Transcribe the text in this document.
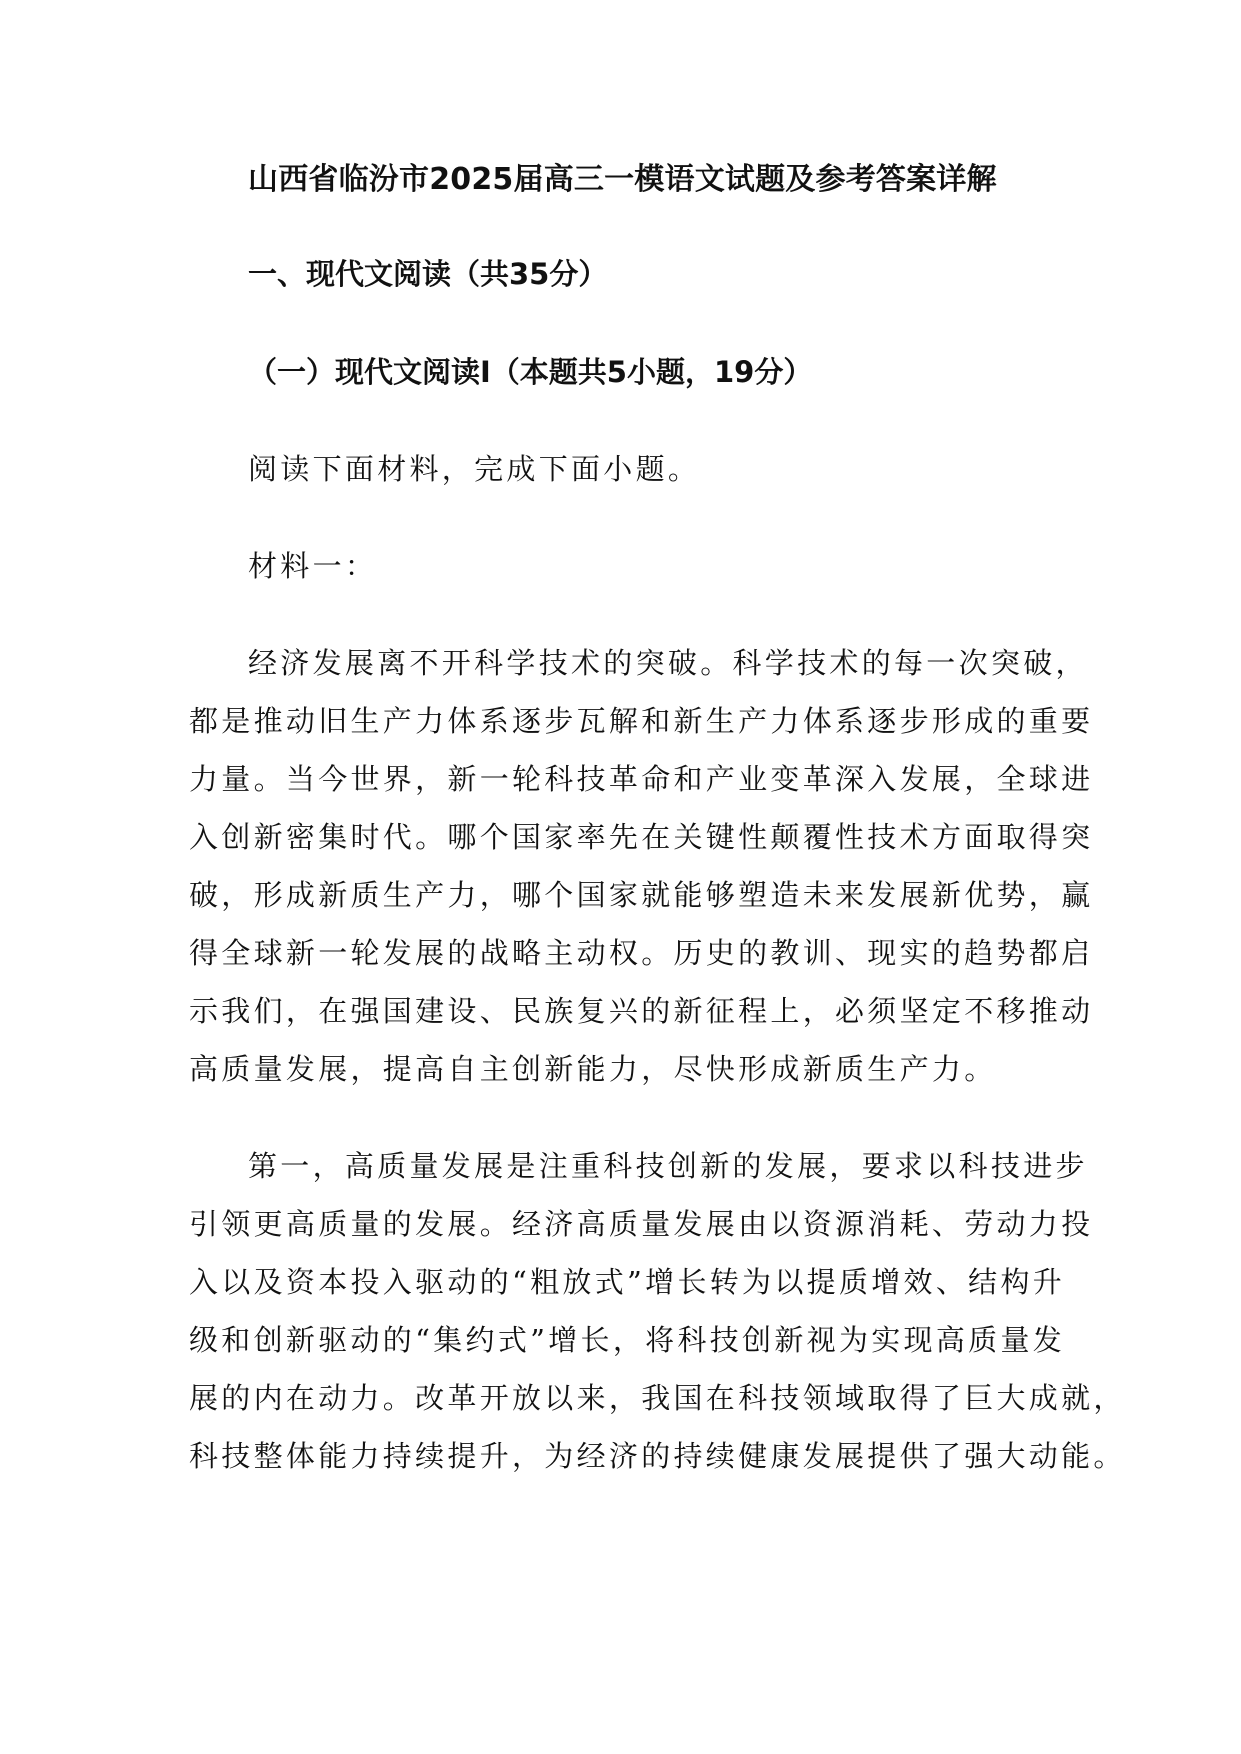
山西省临汾市2025届高三一模语文试题及参考答案详解
一、现代文阅读（共35分）
（一）现代文阅读Ⅰ（本题共5小题，19分）
阅读下面材料，完成下面小题。
材料一：
经济发展离不开科学技术的突破。科学技术的每一次突破，
都是推动旧生产力体系逐步瓦解和新生产力体系逐步形成的重要
力量。当今世界，新一轮科技革命和产业变革深入发展，全球进
入创新密集时代。哪个国家率先在关键性颠覆性技术方面取得突
破，形成新质生产力，哪个国家就能够塑造未来发展新优势，赢
得全球新一轮发展的战略主动权。历史的教训、现实的趋势都启
示我们，在强国建设、民族复兴的新征程上，必须坚定不移推动
高质量发展，提高自主创新能力，尽快形成新质生产力。
第一，高质量发展是注重科技创新的发展，要求以科技进步
引领更高质量的发展。经济高质量发展由以资源消耗、劳动力投
入以及资本投入驱动的“粗放式”增长转为以提质增效、结构升
级和创新驱动的“集约式”增长，将科技创新视为实现高质量发
展的内在动力。改革开放以来，我国在科技领域取得了巨大成就，
科技整体能力持续提升，为经济的持续健康发展提供了强大动能。
